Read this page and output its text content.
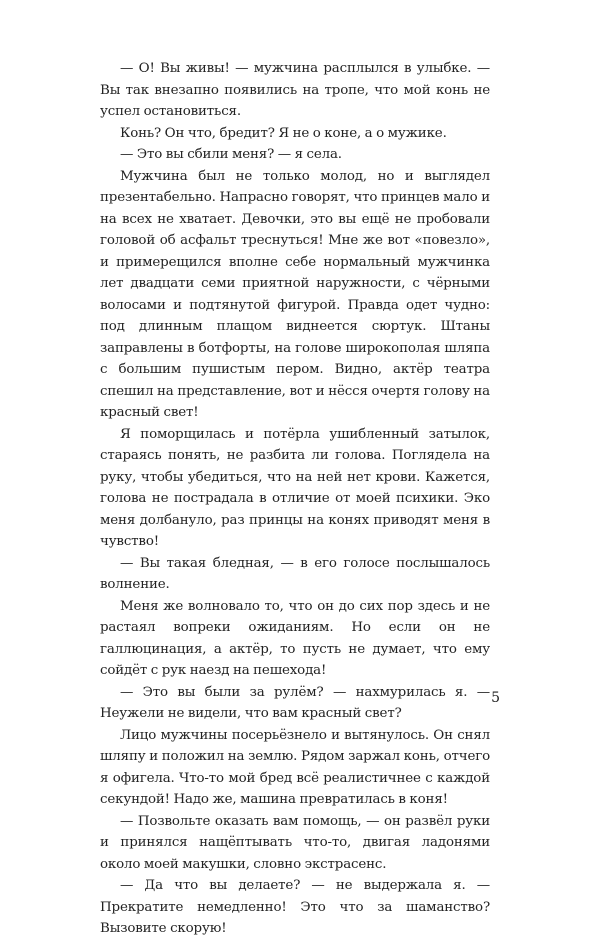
— О! Вы живы! — мужчина расплылся в улыбке. — Вы так внезапно появились на тропе, что мой конь не успел остановиться.

Конь? Он что, бредит? Я не о коне, а о мужике.

— Это вы сбили меня? — я села.

Мужчина был не только молод, но и выглядел презентабельно. Напрасно говорят, что принцев мало и на всех не хватает. Девочки, это вы ещё не пробовали головой об асфальт треснуться! Мне же вот «повезло», и примерещился вполне себе нормальный мужчинка лет двадцати семи приятной наружности, с чёрными волосами и подтянутой фигурой. Правда одет чудно: под длинным плащом виднеется сюртук. Штаны заправлены в ботфорты, на голове широкополая шляпа с большим пушистым пером. Видно, актёр театра спешил на представление, вот и нёсся очертя голову на красный свет!

Я поморщилась и потёрла ушибленный затылок, стараясь понять, не разбита ли голова. Поглядела на руку, чтобы убедиться, что на ней нет крови. Кажется, голова не пострадала в отличие от моей психики. Эко меня долбануло, раз принцы на конях приводят меня в чувство!

— Вы такая бледная, — в его голосе послышалось волнение.

Меня же волновало то, что он до сих пор здесь и не растаял вопреки ожиданиям. Но если он не галлюцинация, а актёр, то пусть не думает, что ему сойдёт с рук наезд на пешехода!

— Это вы были за рулём? — нахмурилась я. — Неужели не видели, что вам красный свет?

Лицо мужчины посерьёзнело и вытянулось. Он снял шляпу и положил на землю. Рядом заржал конь, отчего я офигела. Что-то мой бред всё реалистичнее с каждой секундой! Надо же, машина превратилась в коня!

— Позвольте оказать вам помощь, — он развёл руки и принялся нащёптывать что-то, двигая ладонями около моей макушки, словно экстрасенс.

— Да что вы делаете? — не выдержала я. — Прекратите немедленно! Это что за шаманство? Вызовите скорую!

5
